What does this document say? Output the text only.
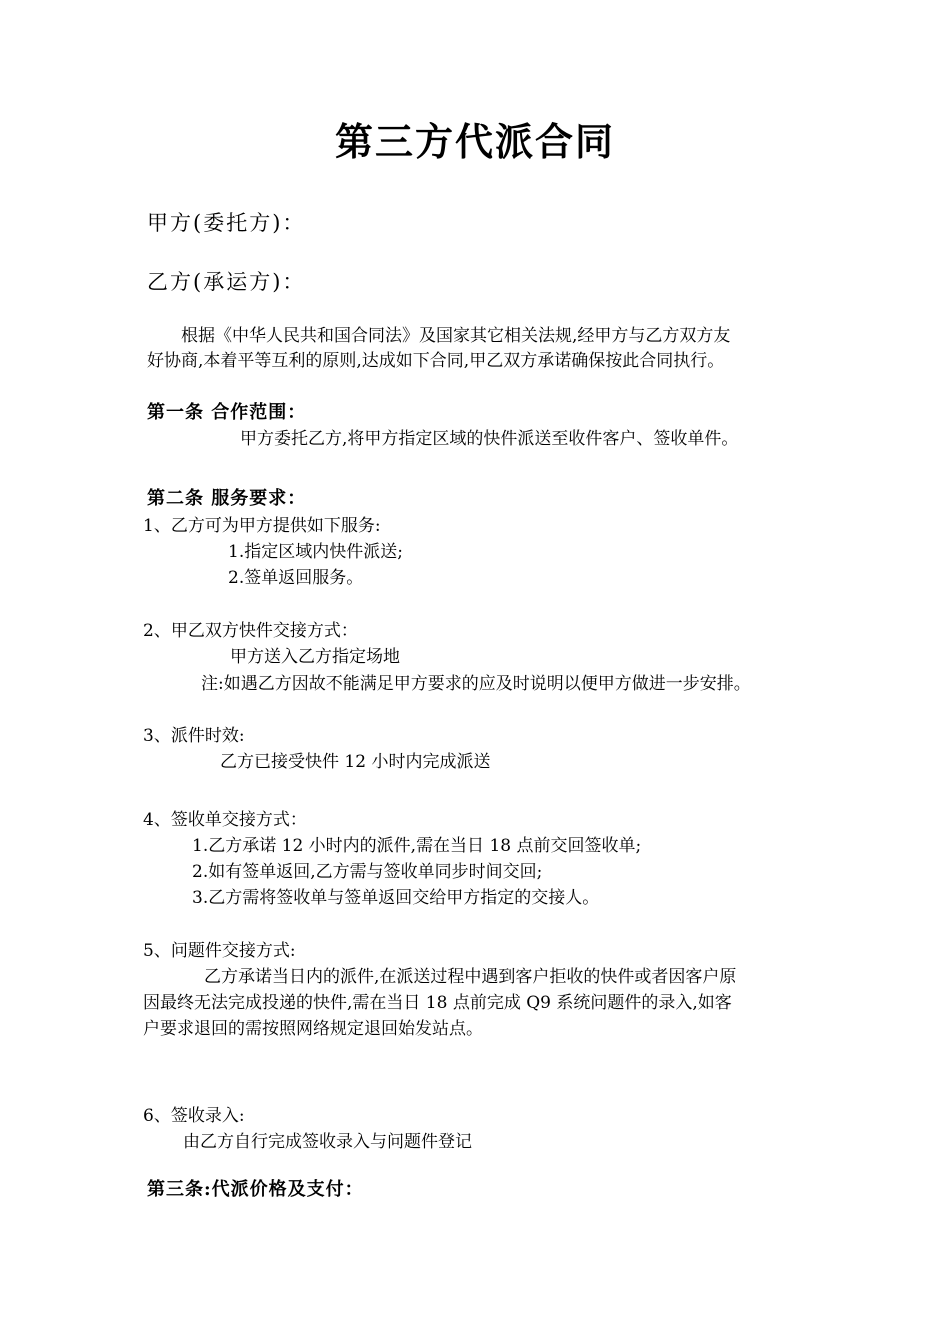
第三方代派合同
甲方(委托方)：
乙方(承运方)：
根据《中华人民共和国合同法》及国家其它相关法规,经甲方与乙方双方友
好协商,本着平等互利的原则,达成如下合同,甲乙双方承诺确保按此合同执行。
第一条 合作范围：
甲方委托乙方,将甲方指定区域的快件派送至收件客户、签收单件。
第二条 服务要求：
1、乙方可为甲方提供如下服务:
1.指定区域内快件派送;
2.签单返回服务。
2、甲乙双方快件交接方式：
甲方送入乙方指定场地
注:如遇乙方因故不能满足甲方要求的应及时说明以便甲方做进一步安排。
3、派件时效:
乙方已接受快件 12 小时内完成派送
4、签收单交接方式：
1.乙方承诺 12 小时内的派件,需在当日 18 点前交回签收单;
2.如有签单返回,乙方需与签收单同步时间交回;
3.乙方需将签收单与签单返回交给甲方指定的交接人。
5、问题件交接方式:
乙方承诺当日内的派件,在派送过程中遇到客户拒收的快件或者因客户原
因最终无法完成投递的快件,需在当日 18 点前完成 Q9 系统问题件的录入,如客
户要求退回的需按照网络规定退回始发站点。
6、签收录入:
由乙方自行完成签收录入与问题件登记
第三条:代派价格及支付：
